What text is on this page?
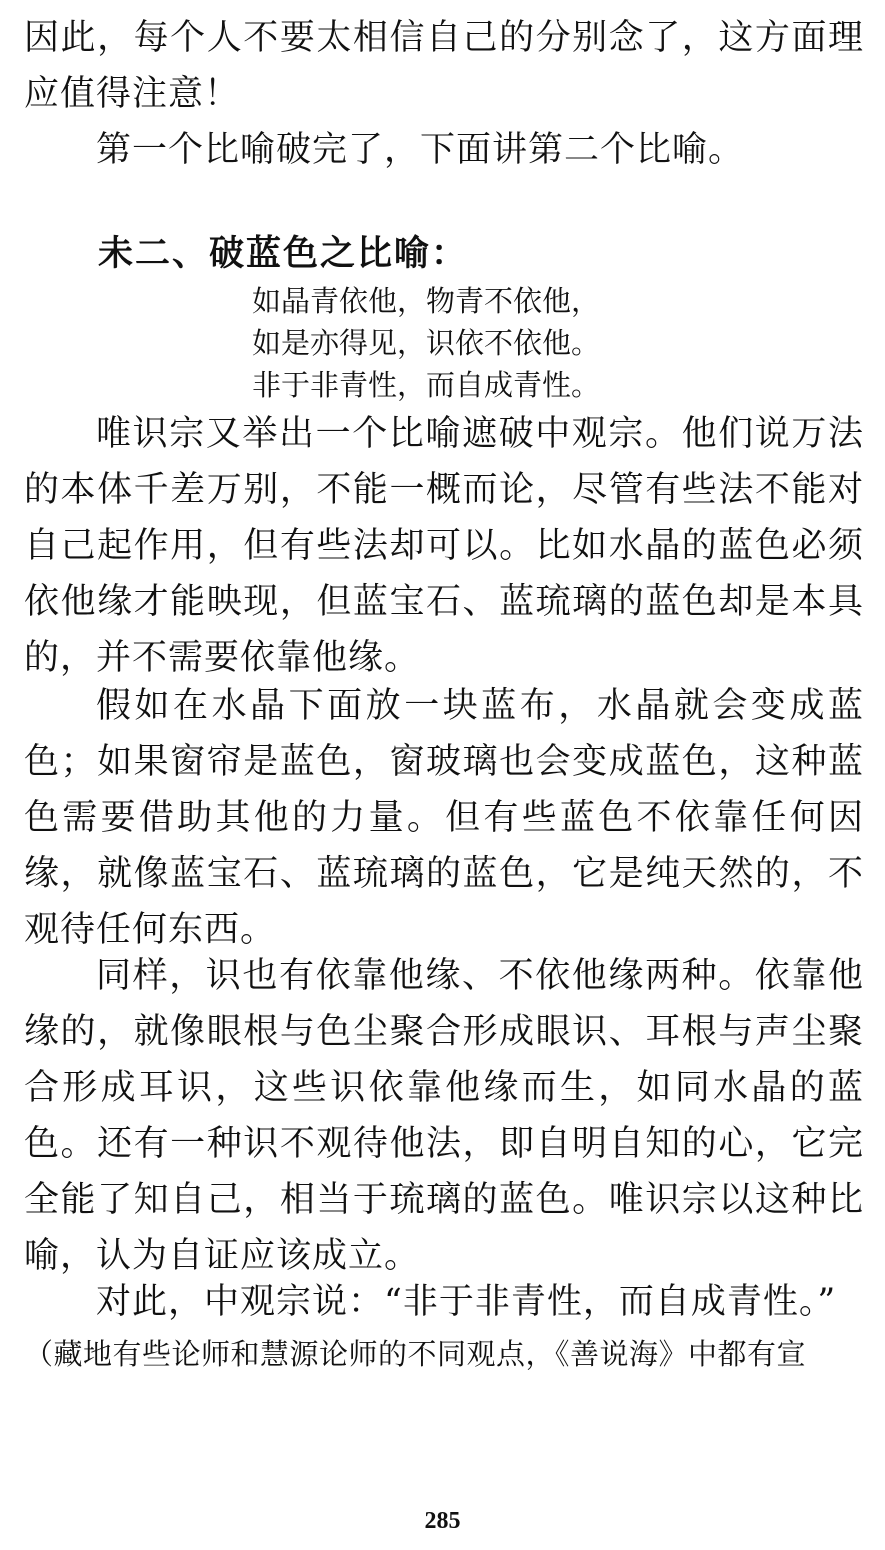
因此，每个人不要太相信自己的分别念了，这方面理应值得注意！

第一个比喻破完了，下面讲第二个比喻。

未二、破蓝色之比喻：

如晶青依他，物青不依他，

如是亦得见，识依不依他。

非于非青性，而自成青性。

唯识宗又举出一个比喻遮破中观宗。他们说万法的本体千差万别，不能一概而论，尽管有些法不能对自己起作用，但有些法却可以。比如水晶的蓝色必须依他缘才能映现，但蓝宝石、蓝琉璃的蓝色却是本具的，并不需要依靠他缘。

假如在水晶下面放一块蓝布，水晶就会变成蓝色；如果窗帘是蓝色，窗玻璃也会变成蓝色，这种蓝色需要借助其他的力量。但有些蓝色不依靠任何因缘，就像蓝宝石、蓝琉璃的蓝色，它是纯天然的，不观待任何东西。

同样，识也有依靠他缘、不依他缘两种。依靠他缘的，就像眼根与色尘聚合形成眼识、耳根与声尘聚合形成耳识，这些识依靠他缘而生，如同水晶的蓝色。还有一种识不观待他法，即自明自知的心，它完全能了知自己，相当于琉璃的蓝色。唯识宗以这种比喻，认为自证应该成立。

对此，中观宗说：“非于非青性，而自成青性。”

（藏地有些论师和慧源论师的不同观点，《善说海》中都有宣

285
